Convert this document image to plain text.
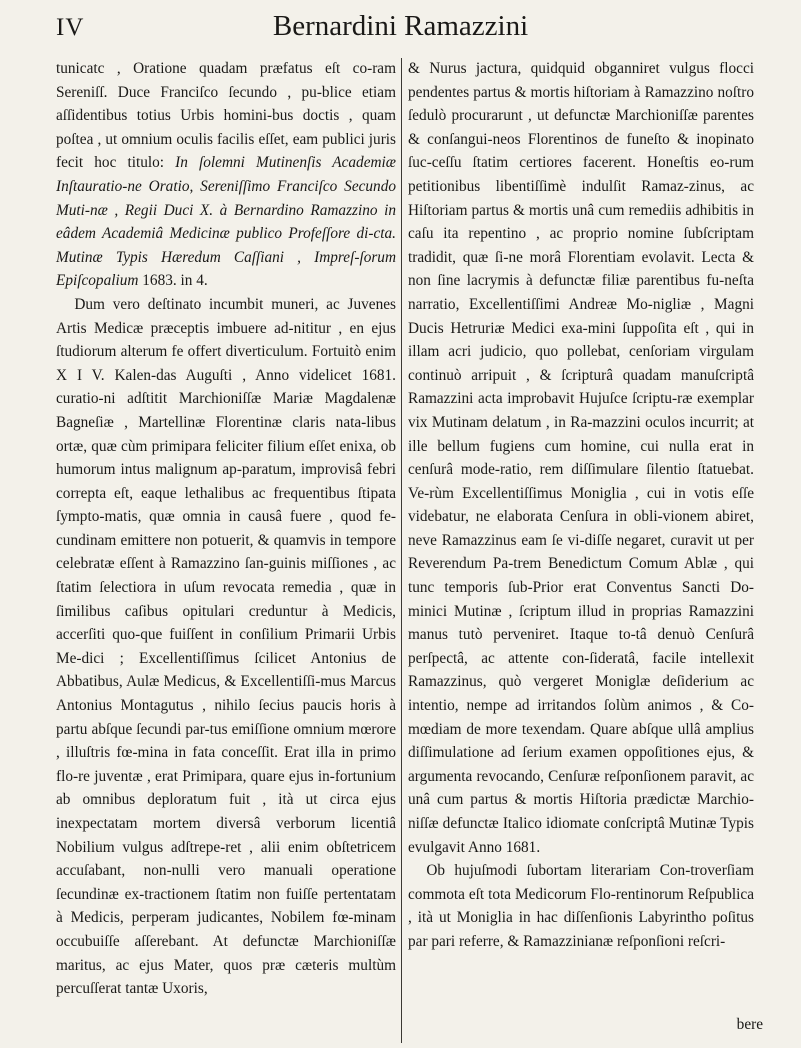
IV	Bernardini Ramazzini

tunicatc , Oratione quadam præfatus eſt co-ram Sereniſſ. Duce Franciſco ſecundo , pu-blice etiam aſſidentibus totius Urbis homini-bus doctis , quam poſtea , ut omnium oculis facilis eſſet, eam publici juris fecit hoc titulo: In ſolemni Mutinenſis Academiæ Inſtauratio-ne Oratio, Sereniſſimo Franciſco Secundo Muti-næ , Regii Duci X. à Bernardino Ramazzino in eâdem Academiâ Medicinæ publico Profeſſore di-cta. Mutinæ Typis Hæredum Caſſiani , Impreſ-ſorum Epiſcopalium 1683. in 4.

Dum vero deſtinato incumbit muneri, ac Juvenes Artis Medicæ præceptis imbuere ad-nititur , en ejus ſtudiorum alterum fe offert diverticulum. Fortuitò enim X I V. Kalen-das Auguſti , Anno videlicet 1681. curatio-ni adſtitit Marchioniſſæ Mariæ Magdalenæ Bagneſiæ , Martellinæ Florentinæ claris nata-libus ortæ, quæ cùm primipara feliciter filium eſſet enixa, ob humorum intus malignum ap-paratum, improvisâ febri correpta eſt, eaque lethalibus ac frequentibus ſtipata ſympto-matis, quæ omnia in causâ fuere , quod fe-cundinam emittere non potuerit, & quamvis in tempore celebratæ eſſent à Ramazzino ſan-guinis miſſiones , ac ſtatim ſelectiora in uſum revocata remedia , quæ in ſimilibus caſibus opitulari creduntur à Medicis, accerſiti quo-que fuiſſent in conſilium Primarii Urbis Me-dici ; Excellentiſſimus ſcilicet Antonius de Abbatibus, Aulæ Medicus, & Excellentiſſi-mus Marcus Antonius Montagutus , nihilo ſecius paucis horis à partu abſque ſecundi par-tus emiſſione omnium mœrore , illuſtris fœ-mina in fata conceſſit. Erat illa in primo flo-re juventæ , erat Primipara, quare ejus in-fortunium ab omnibus deploratum fuit , ità ut circa ejus inexpectatam mortem diversâ verborum licentiâ Nobilium vulgus adſtrepe-ret , alii enim obſtetricem accuſabant, non-nulli vero manuali operatione ſecundinæ ex-tractionem ſtatim non fuiſſe pertentatam à Medicis, perperam judicantes, Nobilem fœ-minam occubuiſſe aſſerebant. At defunctæ Marchioniſſæ maritus, ac ejus Mater, quos præ cæteris multùm percuſſerat tantæ Uxoris,

& Nurus jactura, quidquid obganniret vulgus flocci pendentes partus & mortis hiſtoriam à Ramazzino noſtro ſedulò procurarunt , ut defunctæ Marchioniſſæ parentes & conſangui-neos Florentinos de funeſto & inopinato ſuc-ceſſu ſtatim certiores facerent. Honeſtis eo-rum petitionibus libentiſſimè indulſit Ramaz-zinus, ac Hiſtoriam partus & mortis unâ cum remediis adhibitis in caſu ita repentino , ac proprio nomine ſubſcriptam tradidit, quæ ſi-ne morâ Florentiam evolavit. Lecta & non ſine lacrymis à defunctæ filiæ parentibus fu-neſta narratio, Excellentiſſimi Andreæ Mo-nigliæ , Magni Ducis Hetruriæ Medici exa-mini ſuppoſita eſt , qui in illam acri judicio, quo pollebat, cenſoriam virgulam continuò arripuit , & ſcripturâ quadam manuſcriptâ Ramazzini acta improbavit Hujuſce ſcriptu-ræ exemplar vix Mutinam delatum , in Ra-mazzini oculos incurrit; at ille bellum fugiens cum homine, cui nulla erat in cenſurâ mode-ratio, rem diſſimulare ſilentio ſtatuebat. Ve-rùm Excellentiſſimus Moniglia , cui in votis eſſe videbatur, ne elaborata Cenſura in obli-vionem abiret, neve Ramazzinus eam ſe vi-diſſe negaret, curavit ut per Reverendum Pa-trem Benedictum Comum Ablæ , qui tunc temporis ſub-Prior erat Conventus Sancti Do-minici Mutinæ , ſcriptum illud in proprias Ramazzini manus tutò perveniret. Itaque to-tâ denuò Cenſurâ perſpectâ, ac attente con-ſideratâ, facile intellexit Ramazzinus, quò vergeret Moniglæ deſiderium ac intentio, nempe ad irritandos ſolùm animos , & Co-mœdiam de more texendam. Quare abſque ullâ amplius diſſimulatione ad ſerium examen oppoſitiones ejus, & argumenta revocando, Cenſuræ reſponſionem paravit, ac unâ cum partus & mortis Hiſtoria prædictæ Marchio-niſſæ defunctæ Italico idiomate conſcriptâ Mutinæ Typis evulgavit Anno 1681.

Ob hujuſmodi ſubortam literariam Con-troverſiam commota eſt tota Medicorum Flo-rentinorum Reſpublica , ità ut Moniglia in hac diſſenſionis Labyrintho poſitus par pari referre, & Ramazzinianæ reſponſioni reſcri-

bere
